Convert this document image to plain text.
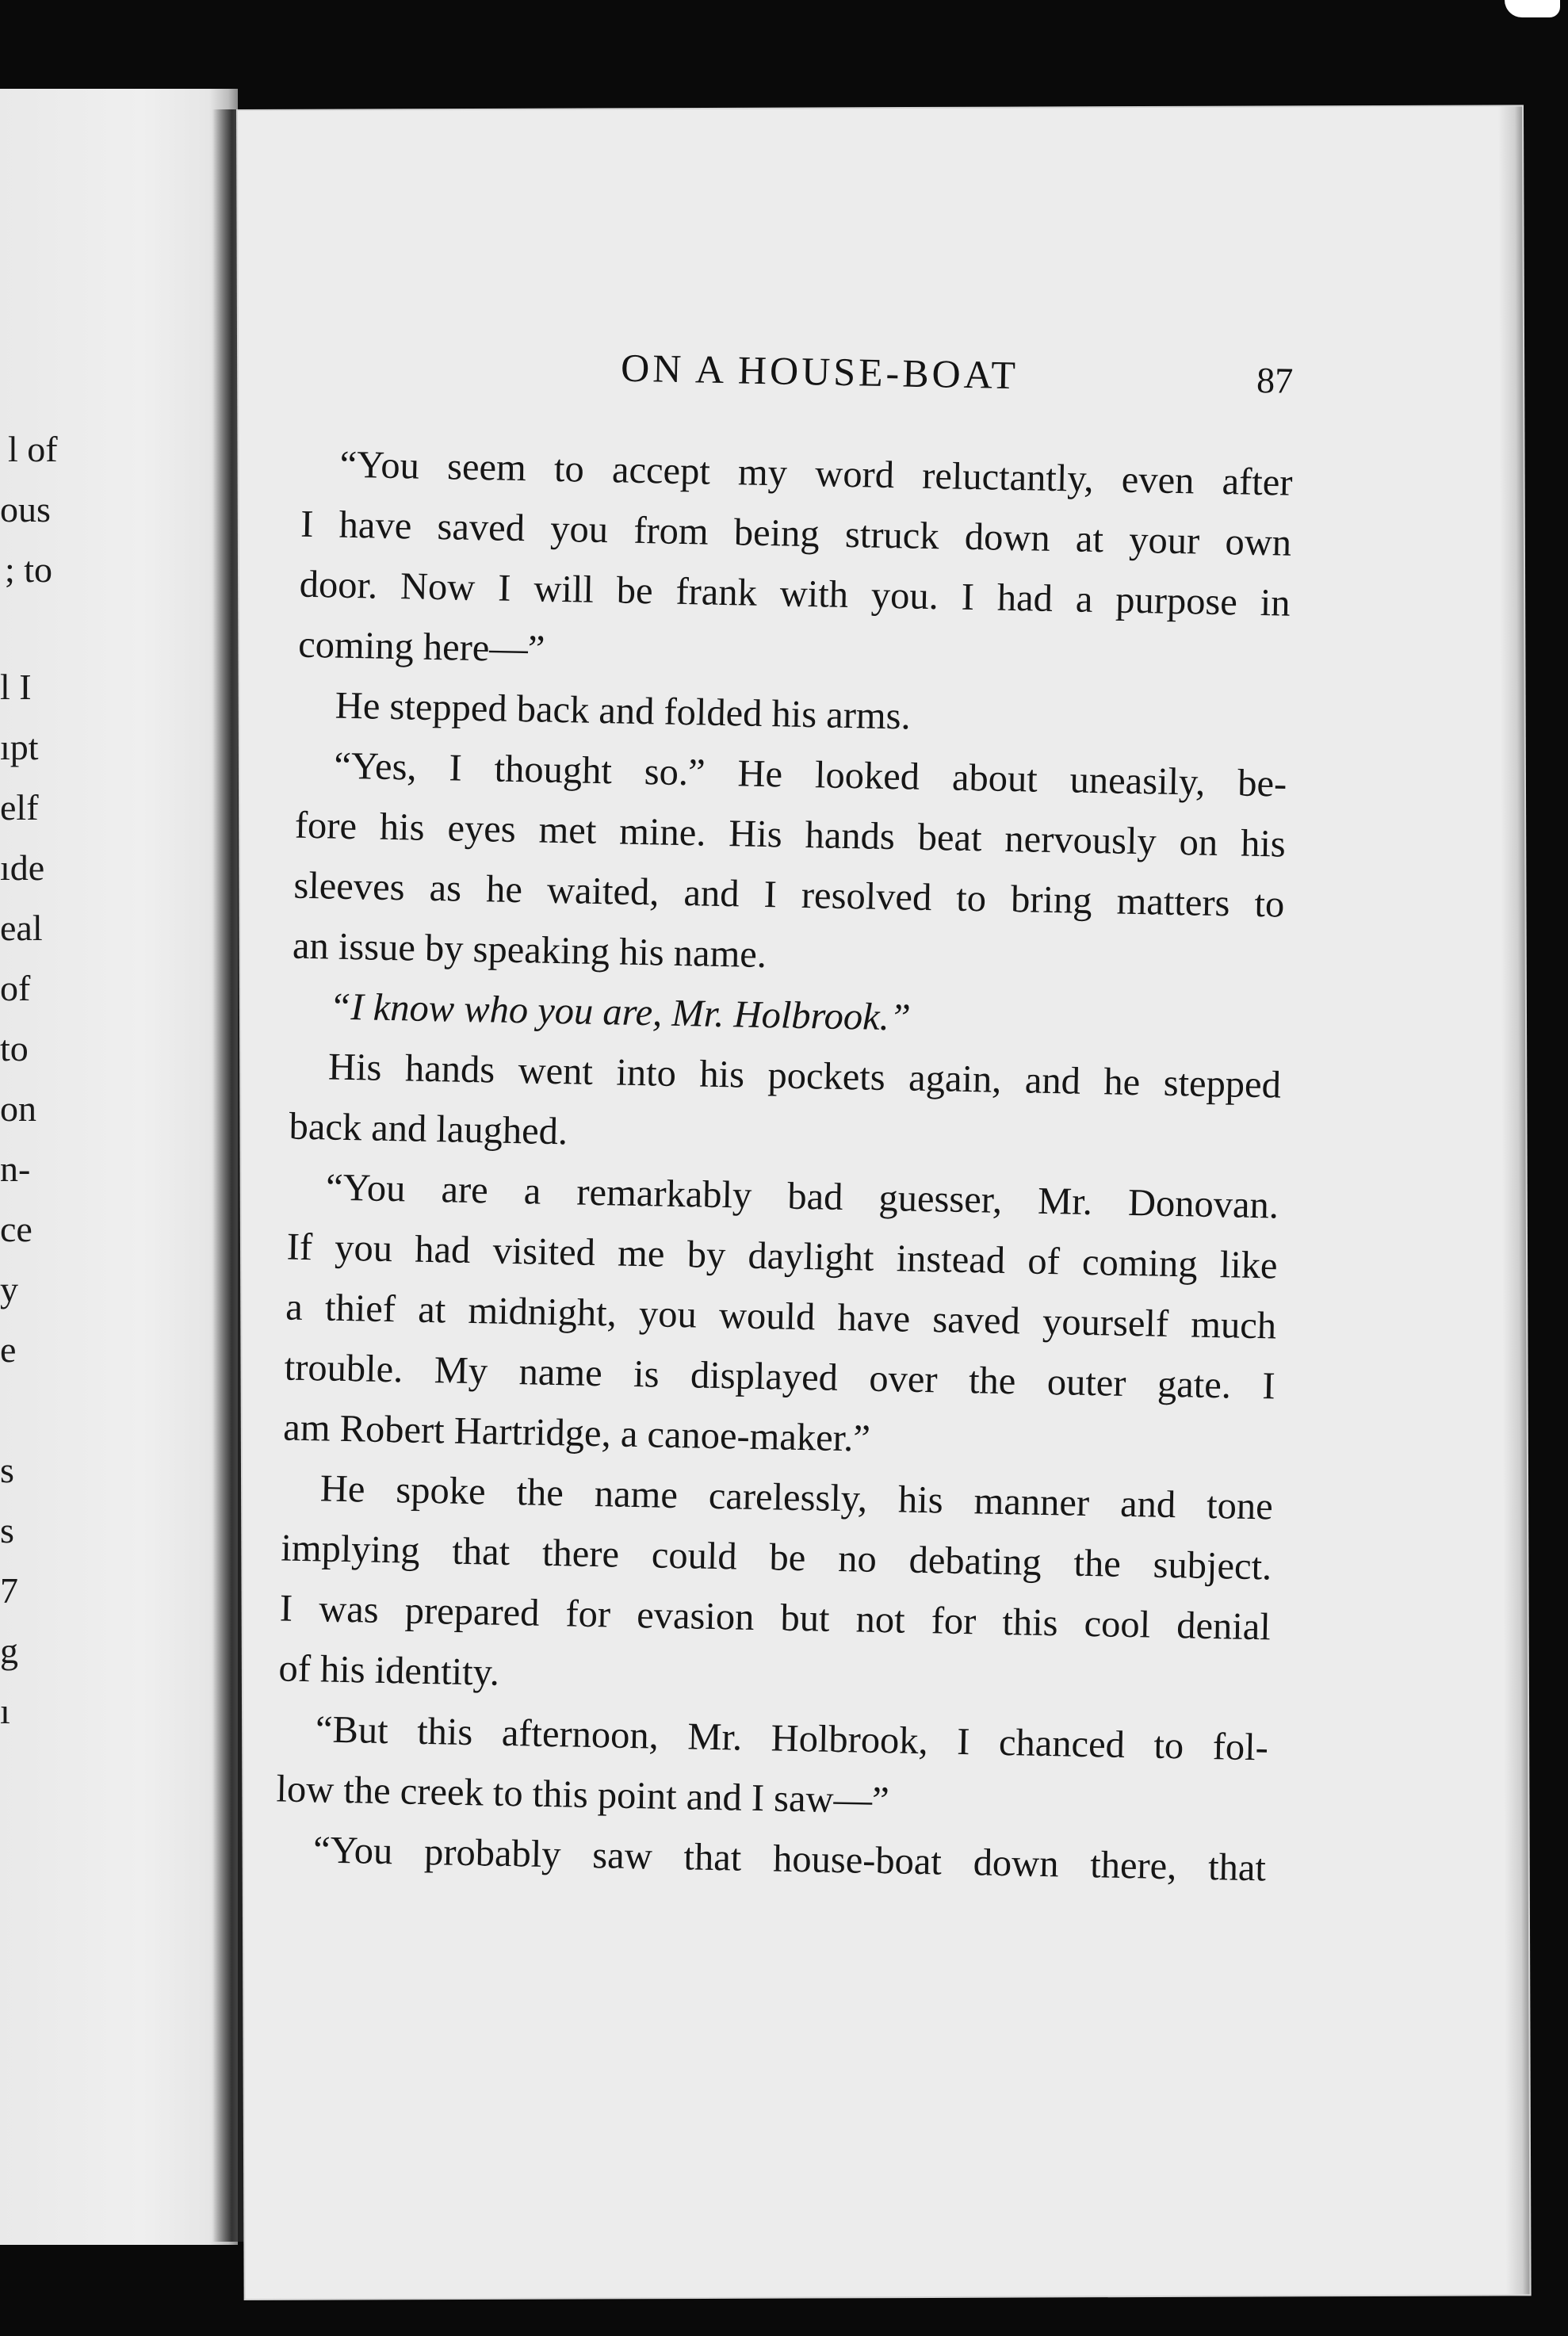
l of
ous
; to
l I
ıpt
elf
ıde
eal
of
to
on
n-
ce
y
e
s
s
7
g
ı
ON A HOUSE-BOAT	87
“You seem to accept my word reluctantly, even after
I have saved you from being struck down at your own
door. Now I will be frank with you. I had a purpose in
coming here—”
He stepped back and folded his arms.
“Yes, I thought so.” He looked about uneasily, be-
fore his eyes met mine. His hands beat nervously on his
sleeves as he waited, and I resolved to bring matters to
an issue by speaking his name.
“I know who you are, Mr. Holbrook.”
His hands went into his pockets again, and he stepped
back and laughed.
“You are a remarkably bad guesser, Mr. Donovan.
If you had visited me by daylight instead of coming like
a thief at midnight, you would have saved yourself much
trouble. My name is displayed over the outer gate. I
am Robert Hartridge, a canoe-maker.”
He spoke the name carelessly, his manner and tone
implying that there could be no debating the subject.
I was prepared for evasion but not for this cool denial
of his identity.
“But this afternoon, Mr. Holbrook, I chanced to fol-
low the creek to this point and I saw—”
“You probably saw that house-boat down there, that
